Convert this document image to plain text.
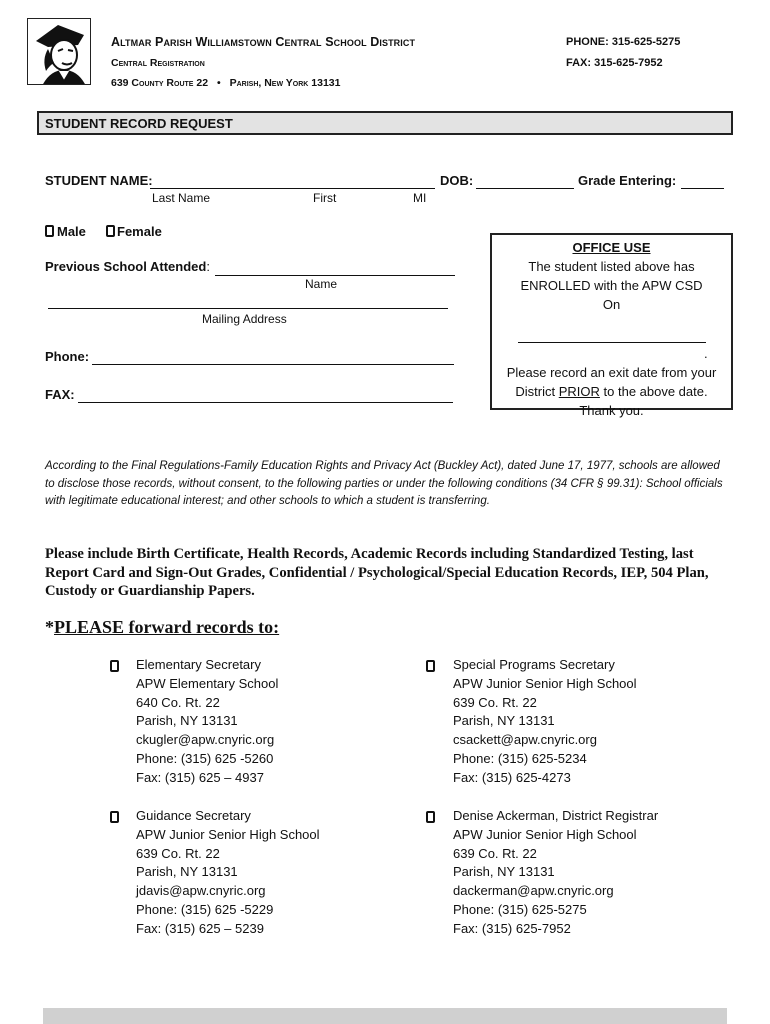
Altmar Parish Williamstown Central School District
Central Registration
639 County Route 22 • Parish, New York 13131
PHONE: 315-625-5275
FAX: 315-625-7952
STUDENT RECORD REQUEST
STUDENT NAME:	DOB:	Grade Entering:
Last Name	First	MI
Male Female
Previous School Attended:
Name
Mailing Address
Phone:
FAX:
OFFICE USE
The student listed above has
ENROLLED with the APW CSD
On
.
Please record an exit date from your
District PRIOR to the above date.
Thank you.
According to the Final Regulations-Family Education Rights and Privacy Act (Buckley Act), dated June 17, 1977, schools are allowed to disclose those records, without consent, to the following parties or under the following conditions (34 CFR § 99.31): School officials with legitimate educational interest; and other schools to which a student is transferring.
Please include Birth Certificate, Health Records, Academic Records including Standardized Testing, last Report Card and Sign-Out Grades, Confidential / Psychological/Special Education Records, IEP, 504 Plan, Custody or Guardianship Papers.
*PLEASE forward records to:
Elementary Secretary
APW Elementary School
640 Co. Rt. 22
Parish, NY 13131
ckugler@apw.cnyric.org
Phone: (315) 625 -5260
Fax: (315) 625 – 4937
Special Programs Secretary
APW Junior Senior High School
639 Co. Rt. 22
Parish, NY 13131
csackett@apw.cnyric.org
Phone: (315) 625-5234
Fax: (315) 625-4273
Guidance Secretary
APW Junior Senior High School
639 Co. Rt. 22
Parish, NY 13131
jdavis@apw.cnyric.org
Phone: (315) 625 -5229
Fax: (315) 625 – 5239
Denise Ackerman, District Registrar
APW Junior Senior High School
639 Co. Rt. 22
Parish, NY 13131
dackerman@apw.cnyric.org
Phone: (315) 625-5275
Fax: (315) 625-7952
